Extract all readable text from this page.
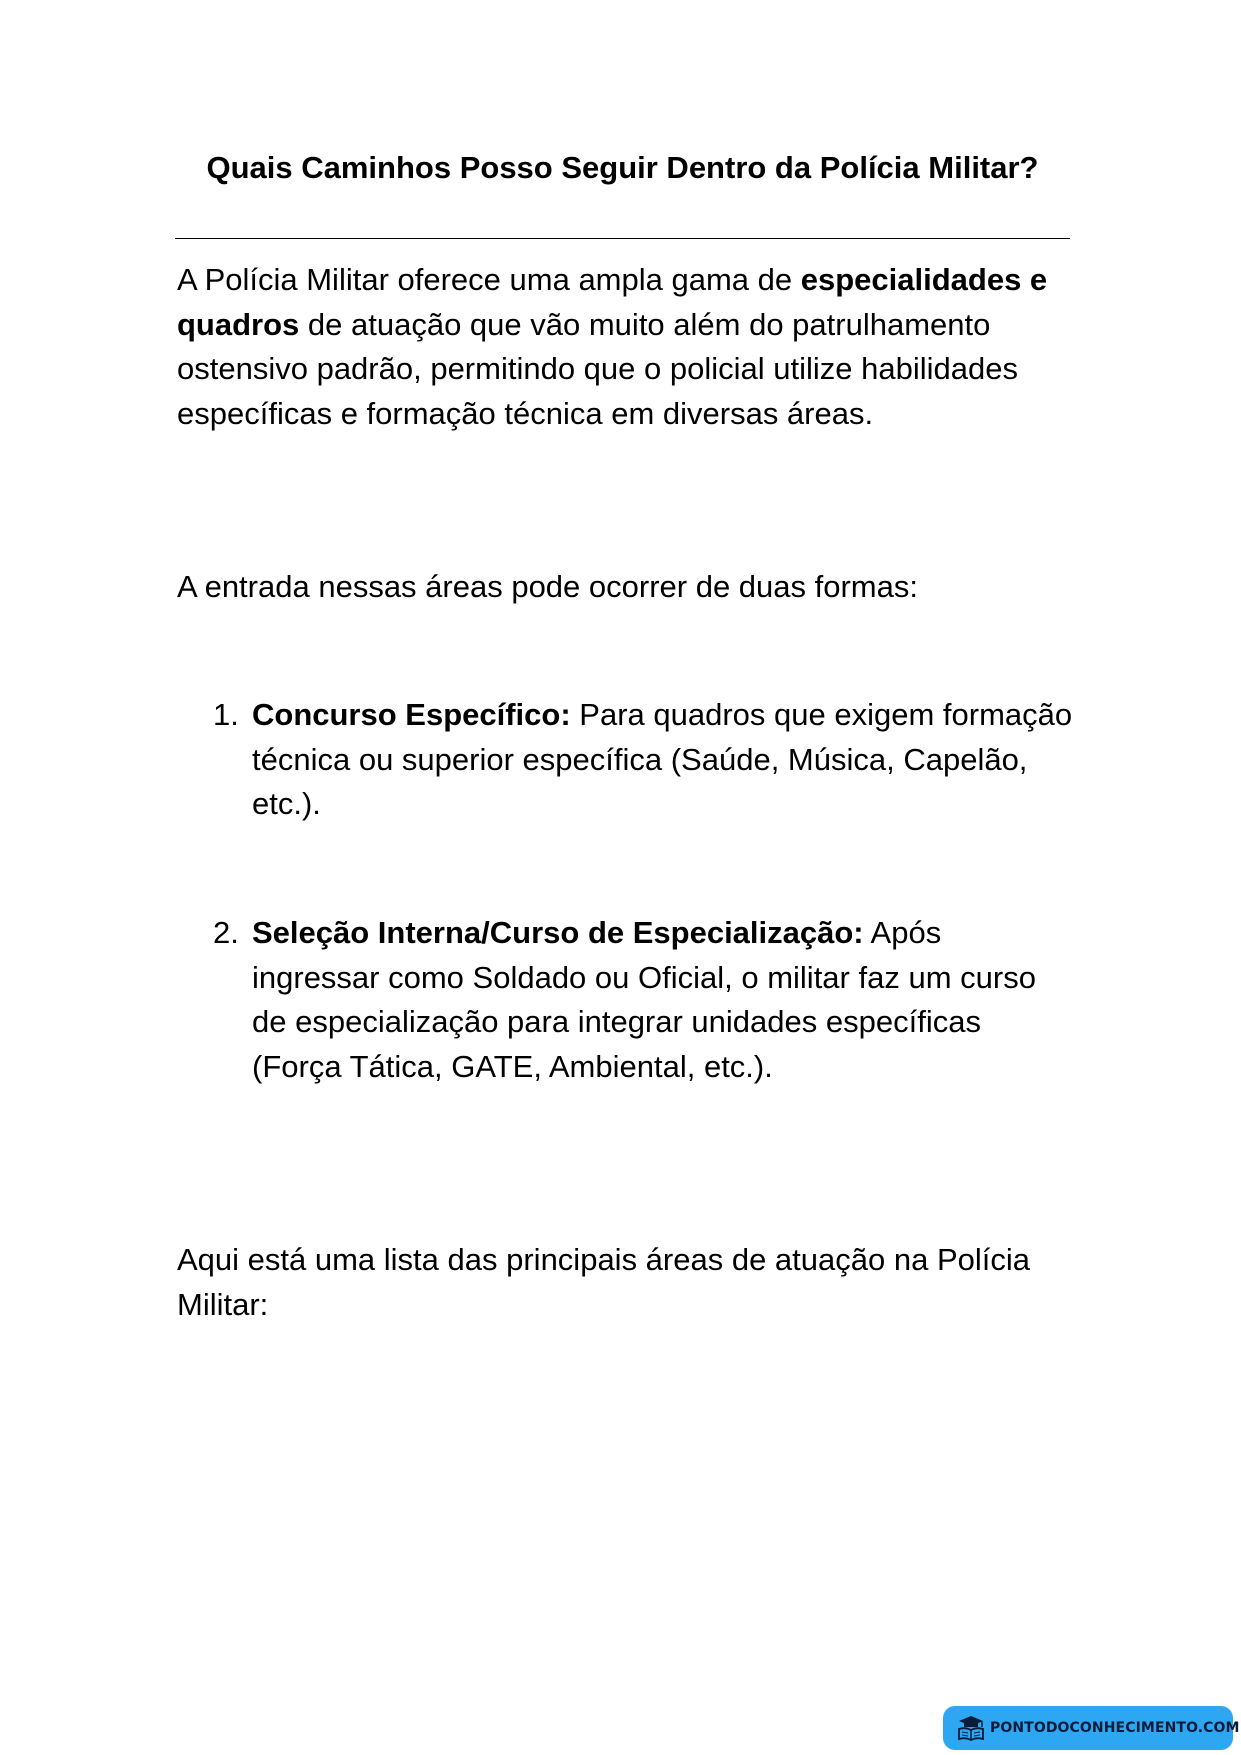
Quais Caminhos Posso Seguir Dentro da Polícia Militar?

A Polícia Militar oferece uma ampla gama de especialidades e quadros de atuação que vão muito além do patrulhamento ostensivo padrão, permitindo que o policial utilize habilidades específicas e formação técnica em diversas áreas.

A entrada nessas áreas pode ocorrer de duas formas:

1. Concurso Específico: Para quadros que exigem formação técnica ou superior específica (Saúde, Música, Capelão, etc.).
2. Seleção Interna/Curso de Especialização: Após ingressar como Soldado ou Oficial, o militar faz um curso de especialização para integrar unidades específicas (Força Tática, GATE, Ambiental, etc.).

Aqui está uma lista das principais áreas de atuação na Polícia Militar:

PONTODOCONHECIMENTO.COM
